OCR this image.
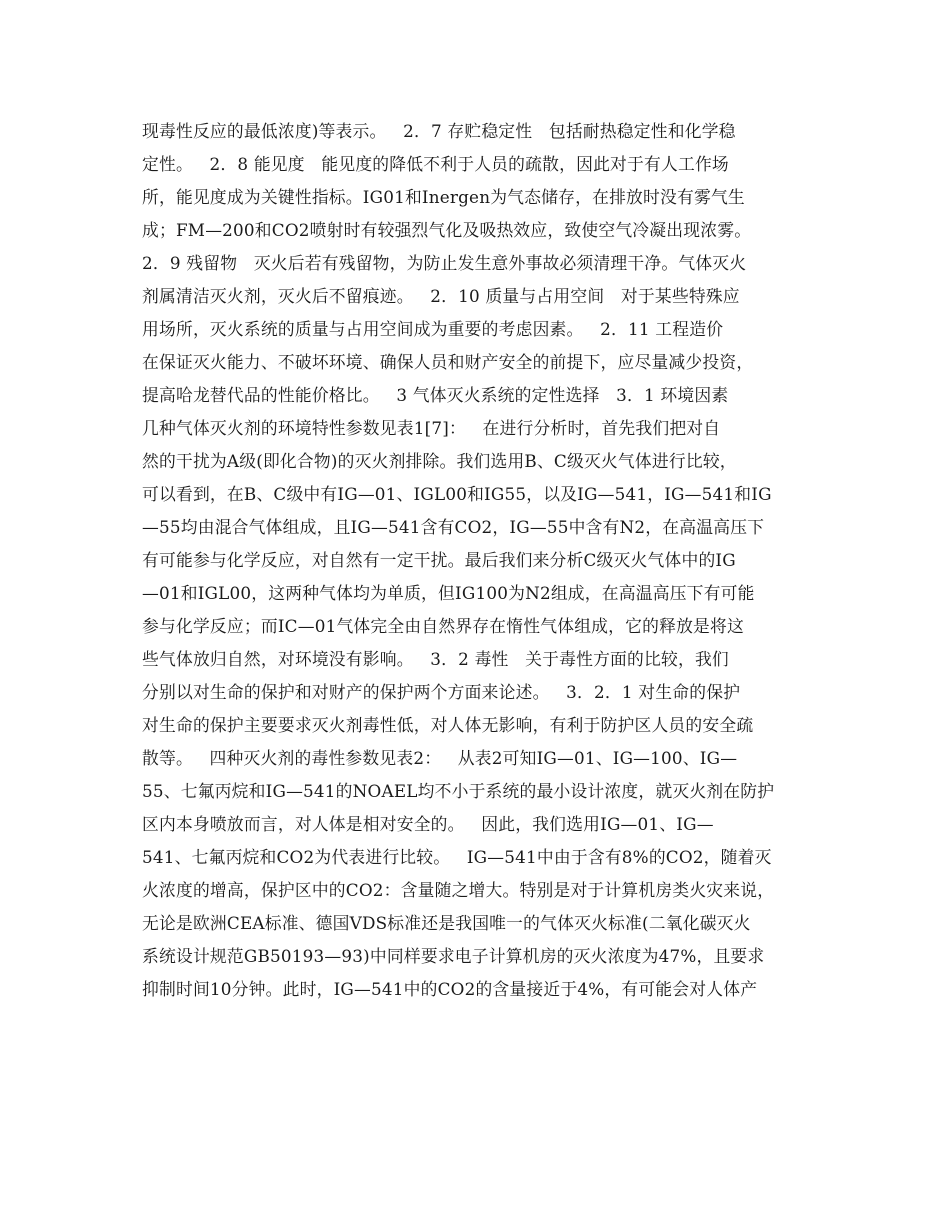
现毒性反应的最低浓度)等表示。   2．7 存贮稳定性   包括耐热稳定性和化学稳
定性。   2．8 能见度   能见度的降低不利于人员的疏散，因此对于有人工作场
所，能见度成为关键性指标。IG01和Inergen为气态储存，在排放时没有雾气生
成；FM—200和CO2喷射时有较强烈气化及吸热效应，致使空气冷凝出现浓雾。
2．9 残留物   灭火后若有残留物，为防止发生意外事故必须清理干净。气体灭火
剂属清洁灭火剂，灭火后不留痕迹。   2．10 质量与占用空间   对于某些特殊应
用场所，灭火系统的质量与占用空间成为重要的考虑因素。   2．11 工程造价
在保证灭火能力、不破坏环境、确保人员和财产安全的前提下，应尽量减少投资，
提高哈龙替代品的性能价格比。   3 气体灭火系统的定性选择   3．1 环境因素
几种气体灭火剂的环境特性参数见表1[7]：   在进行分析时，首先我们把对自
然的干扰为A级(即化合物)的灭火剂排除。我们选用B、C级灭火气体进行比较，
可以看到，在B、C级中有IG—01、IGL00和IG55，以及IG—541，IG—541和IG
—55均由混合气体组成，且IG—541含有CO2，IG—55中含有N2，在高温高压下
有可能参与化学反应，对自然有一定干扰。最后我们来分析C级灭火气体中的IG
—01和IGL00，这两种气体均为单质，但IG100为N2组成，在高温高压下有可能
参与化学反应；而IC—01气体完全由自然界存在惰性气体组成，它的释放是将这
些气体放归自然，对环境没有影响。   3．2 毒性   关于毒性方面的比较，我们
分别以对生命的保护和对财产的保护两个方面来论述。   3．2．1 对生命的保护
对生命的保护主要要求灭火剂毒性低，对人体无影响，有利于防护区人员的安全疏
散等。   四种灭火剂的毒性参数见表2：   从表2可知IG—01、IG—100、IG—
55、七氟丙烷和IG—541的NOAEL均不小于系统的最小设计浓度，就灭火剂在防护
区内本身喷放而言，对人体是相对安全的。   因此，我们选用IG—01、IG—
541、七氟丙烷和CO2为代表进行比较。   IG—541中由于含有8%的CO2，随着灭
火浓度的增高，保护区中的CO2：含量随之增大。特别是对于计算机房类火灾来说，
无论是欧洲CEA标准、德国VDS标准还是我国唯一的气体灭火标准(二氧化碳灭火
系统设计规范GB50193—93)中同样要求电子计算机房的灭火浓度为47%，且要求
抑制时间10分钟。此时，IG—541中的CO2的含量接近于4%，有可能会对人体产
